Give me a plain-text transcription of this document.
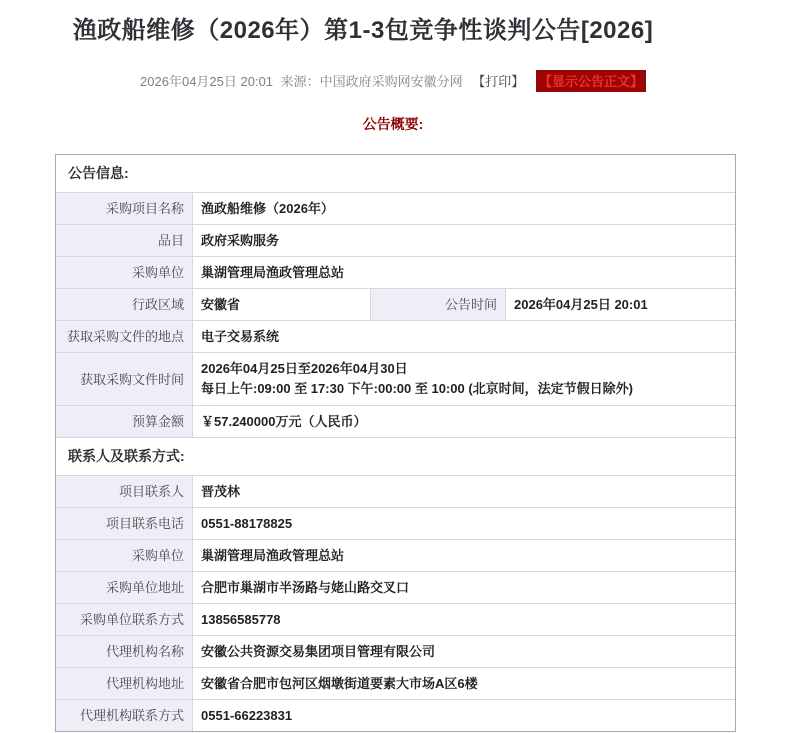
渔政船维修（2026年）第1-3包竞争性谈判公告[2026]
2026年04月25日 20:01 来源：中国政府采购网安徽分网 【打印】 【显示公告正文】
公告概要:
公告信息:			
采购项目名称	渔政船维修（2026年）		
品目	政府采购服务		
采购单位	巢湖管理局渔政管理总站		
行政区域	安徽省	公告时间	2026年04月25日 20:01
获取采购文件的地点	电子交易系统		
获取采购文件时间	2026年04月25日至2026年04月30日
每日上午:09:00 至 17:30 下午:00:00 至 10:00 (北京时间，法定节假日除外)		

预算金额	￥57.240000万元（人民币）		
联系人及联系方式:			
项目联系人	晋茂林		
项目联系电话	0551-88178825		
采购单位	巢湖管理局渔政管理总站		
采购单位地址	合肥市巢湖市半汤路与姥山路交叉口		
采购单位联系方式	13856585778		
代理机构名称	安徽公共资源交易集团项目管理有限公司		
代理机构地址	安徽省合肥市包河区烟墩街道要素大市场A区6楼		
代理机构联系方式	0551-66223831		
